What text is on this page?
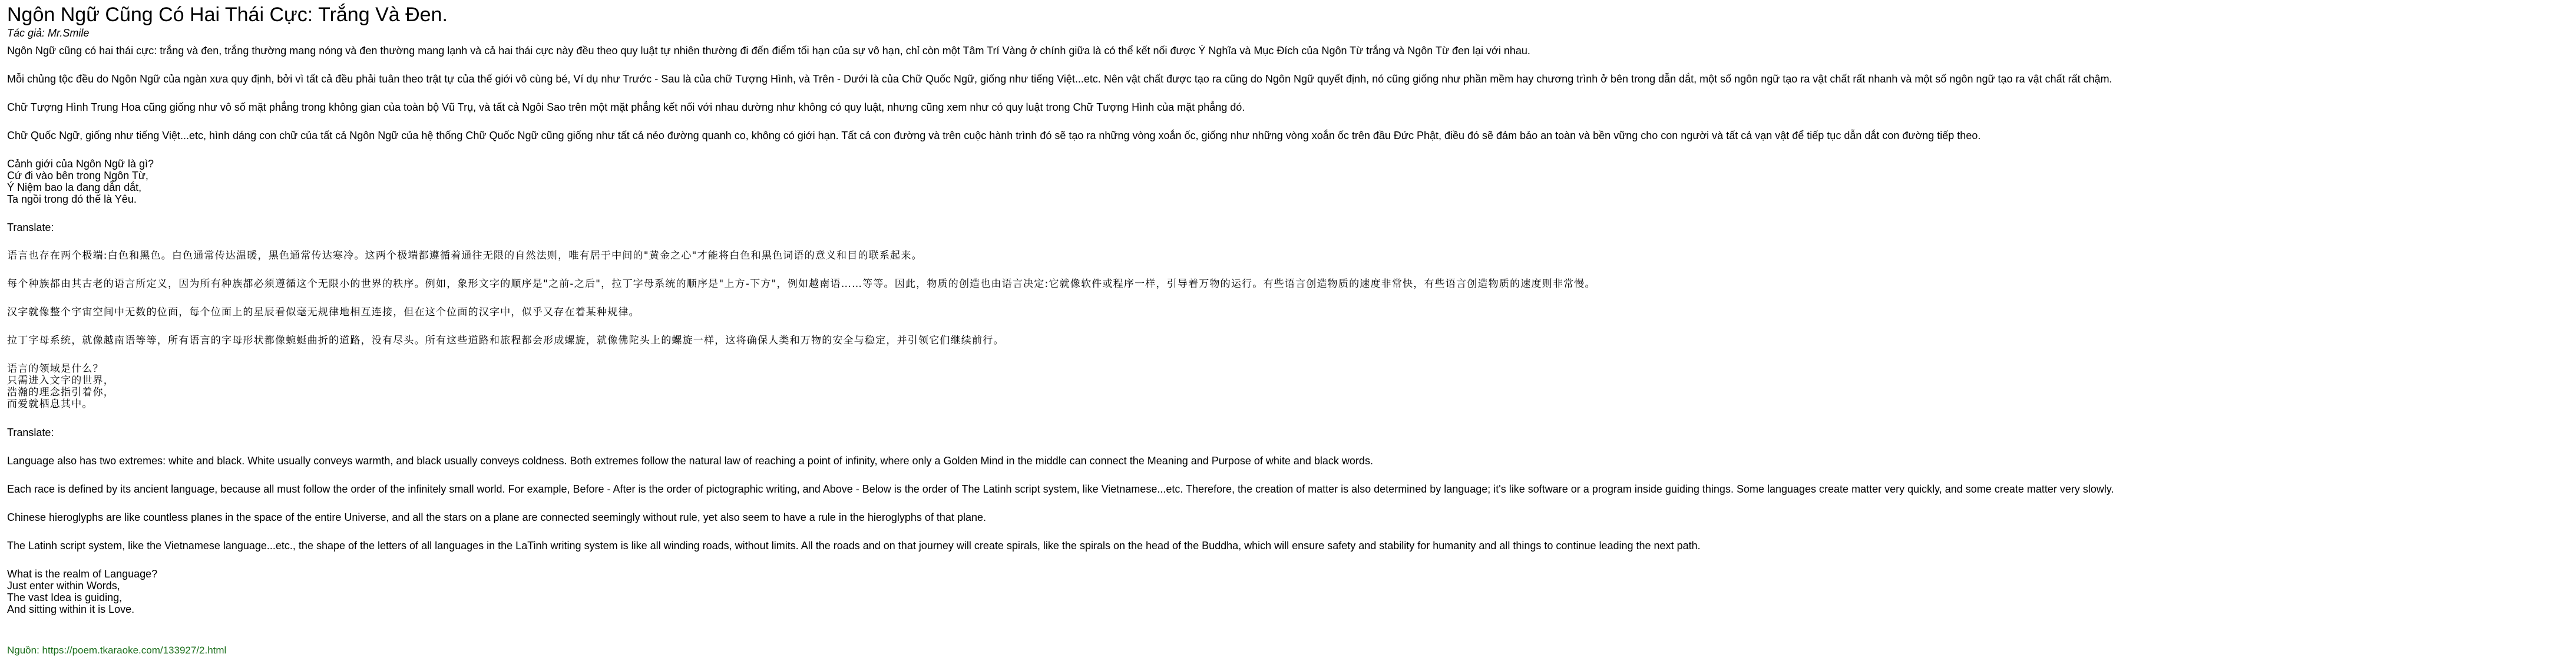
Ngôn Ngữ Cũng Có Hai Thái Cực: Trắng Và Đen.
Tác giả: Mr.Smile

Ngôn Ngữ cũng có hai thái cực: trắng và đen, trắng thường mang nóng và đen thường mang lạnh và cả hai thái cực này đều theo quy luật tự nhiên thường đi đến điểm tối hạn của sự vô hạn, chỉ còn một Tâm Trí Vàng ở chính giữa là có thể kết nối được Ý Nghĩa và Mục Đích của Ngôn Từ trắng và Ngôn Từ đen lại với nhau.

Mỗi chủng tộc đều do Ngôn Ngữ của ngàn xưa quy định, bởi vì tất cả đều phải tuân theo trật tự của thế giới vô cùng bé, Ví dụ như Trước - Sau là của chữ Tượng Hình, và Trên - Dưới là của Chữ Quốc Ngữ, giống như tiếng Việt...etc. Nên vật chất được tạo ra cũng do Ngôn Ngữ quyết định, nó cũng giống như phần mềm hay chương trình ở bên trong dẫn dắt, một số ngôn ngữ tạo ra vật chất rất nhanh và một số ngôn ngữ tạo ra vật chất rất chậm.

Chữ Tượng Hình Trung Hoa cũng giống như vô số mặt phẳng trong không gian của toàn bộ Vũ Trụ, và tất cả Ngôi Sao trên một mặt phẳng kết nối với nhau dường như không có quy luật, nhưng cũng xem như có quy luật trong Chữ Tượng Hình của mặt phẳng đó.

Chữ Quốc Ngữ, giống như tiếng Việt...etc, hình dáng con chữ của tất cả Ngôn Ngữ của hệ thống Chữ Quốc Ngữ cũng giống như tất cả nẻo đường quanh co, không có giới hạn. Tất cả con đường và trên cuộc hành trình đó sẽ tạo ra những vòng xoắn ốc, giống như những vòng xoắn ốc trên đầu Đức Phật, điều đó sẽ đảm bảo an toàn và bền vững cho con người và tất cả vạn vật để tiếp tục dẫn dắt con đường tiếp theo.

Cảnh giới của Ngôn Ngữ là gì?
Cứ đi vào bên trong Ngôn Từ,
Ý Niệm bao la đang dẫn dắt,
Ta ngồi trong đó thế là Yêu.
Translate:

语言也存在两个极端:白色和黑色。白色通常传达温暖，黑色通常传达寒冷。这两个极端都遵循着通往无限的自然法则，唯有居于中间的"黄金之心"才能将白色和黑色词语的意义和目的联系起来。

每个种族都由其古老的语言所定义，因为所有种族都必须遵循这个无限小的世界的秩序。例如，象形文字的顺序是"之前-之后"，拉丁字母系统的顺序是"上方-下方"，例如越南语……等等。因此，物质的创造也由语言决定:它就像软件或程序一样，引导着万物的运行。有些语言创造物质的速度非常快，有些语言创造物质的速度则非常慢。

汉字就像整个宇宙空间中无数的位面，每个位面上的星辰看似毫无规律地相互连接，但在这个位面的汉字中，似乎又存在着某种规律。

拉丁字母系统，就像越南语等等，所有语言的字母形状都像蜿蜒曲折的道路，没有尽头。所有这些道路和旅程都会形成螺旋，就像佛陀头上的螺旋一样，这将确保人类和万物的安全与稳定，并引领它们继续前行。

语言的领域是什么？
只需进入文字的世界，
浩瀚的理念指引着你，
而爱就栖息其中。
Translate:

Language also has two extremes: white and black. White usually conveys warmth, and black usually conveys coldness. Both extremes follow the natural law of reaching a point of infinity, where only a Golden Mind in the middle can connect the Meaning and Purpose of white and black words.

Each race is defined by its ancient language, because all must follow the order of the infinitely small world. For example, Before - After is the order of pictographic writing, and Above - Below is the order of The Latinh script system, like Vietnamese...etc. Therefore, the creation of matter is also determined by language; it's like software or a program inside guiding things. Some languages create matter very quickly, and some create matter very slowly.

Chinese hieroglyphs are like countless planes in the space of the entire Universe, and all the stars on a plane are connected seemingly without rule, yet also seem to have a rule in the hieroglyphs of that plane.

The Latinh script system, like the Vietnamese language...etc., the shape of the letters of all languages in the LaTinh writing system is like all winding roads, without limits. All the roads and on that journey will create spirals, like the spirals on the head of the Buddha, which will ensure safety and stability for humanity and all things to continue leading the next path.

What is the realm of Language?
Just enter within Words,
The vast Idea is guiding,
And sitting within it is Love.
Nguồn: https://poem.tkaraoke.com/133927/2.html
